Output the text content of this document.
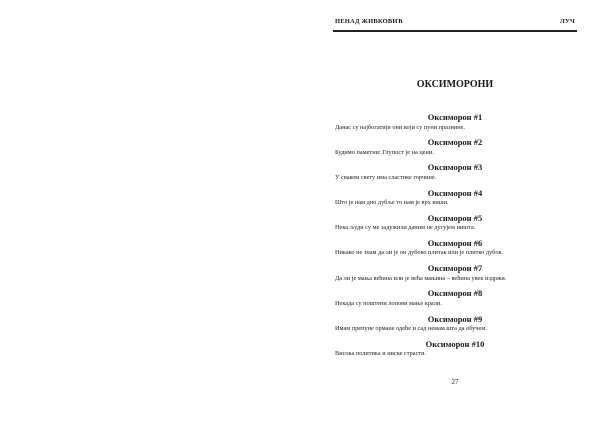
НЕНАД ЖИВКОВИЋ	ЛУЧ
ОКСИМОРОНИ
Оксиморон #1
Данас су најбогатији они који су пуни празнине.
Оксиморон #2
Будимо паметни: Глупост је на цени.
Оксиморон #3
У сваком свету има сластике горчине.
Оксиморон #4
Што је нам дно дубље то нам је врх виши.
Оксиморон #5
Нека људи су ме задужили даним не дугујем ништа.
Оксиморон #6
Никако не знам да ли је он дубоко плитак или је плитко дубок.
Оксиморон #7
Да ли је мања већина или је већа мањина – већина увек издржи.
Оксиморон #8
Некада су поштени лопови мање крали.
Оксиморон #9
Имам препуне ормане одеће и сад немам шта да обучем.
Оксиморон #10
Висока политика и ниске страсти.
27
